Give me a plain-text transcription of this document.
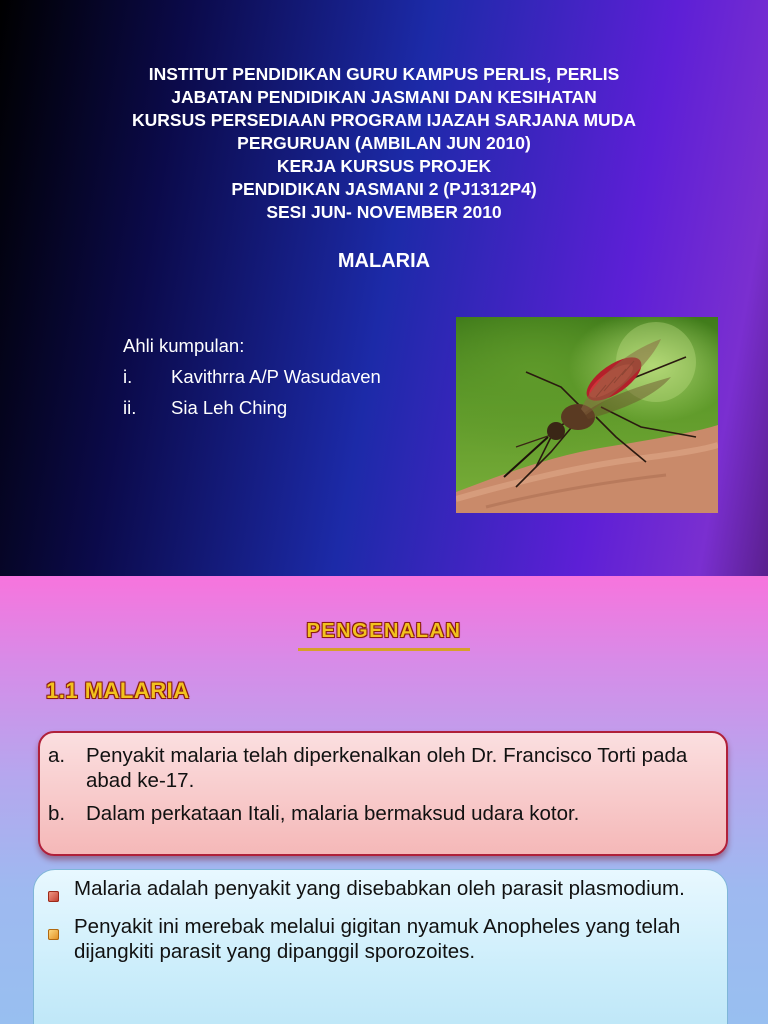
INSTITUT PENDIDIKAN GURU KAMPUS PERLIS, PERLIS
JABATAN PENDIDIKAN JASMANI DAN KESIHATAN
KURSUS PERSEDIAAN PROGRAM IJAZAH SARJANA MUDA
PERGURUAN (AMBILAN JUN 2010)
KERJA KURSUS PROJEK
PENDIDIKAN JASMANI 2 (PJ1312P4)
SESI JUN- NOVEMBER 2010
MALARIA
Ahli kumpulan:
i.	Kavithrra A/P Wasudaven
ii.	Sia Leh Ching
PENGENALAN
1.1 MALARIA
a.	Penyakit malaria telah diperkenalkan oleh Dr. Francisco Torti pada abad ke-17.
b.	Dalam perkataan Itali, malaria bermaksud udara kotor.
Malaria adalah penyakit yang disebabkan oleh parasit plasmodium.
Penyakit ini merebak melalui gigitan nyamuk Anopheles yang telah dijangkiti parasit yang dipanggil sporozoites.
